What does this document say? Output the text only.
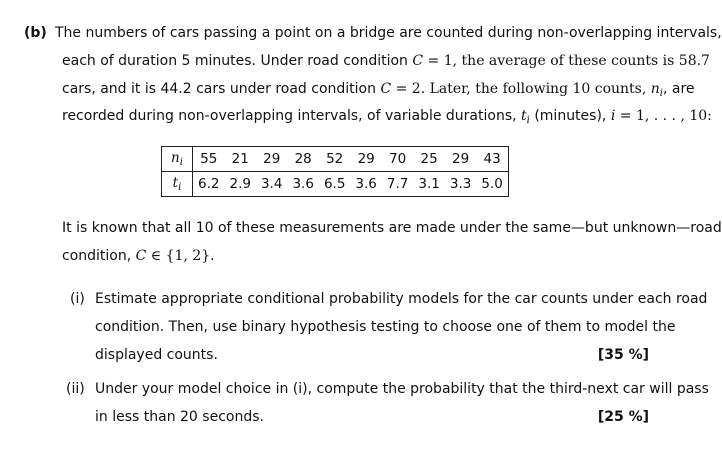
(b) The numbers of cars passing a point on a bridge are counted during non-overlapping intervals,
each of duration 5 minutes. Under road condition C = 1, the average of these counts is 58.7
cars, and it is 44.2 cars under road condition C = 2. Later, the following 10 counts, $n_i$, are
recorded during non-overlapping intervals, of variable durations, $t_i$ (minutes), i = 1, . . . , 10:
$n_i$	55	21	29	28	52	29	70	25	29	43
$t_i$	6.2	2.9	3.4	3.6	6.5	3.6	7.7	3.1	3.3	5.0
It is known that all 10 of these measurements are made under the same—but unknown—road
condition, C ∈ {1, 2}.
(i) Estimate appropriate conditional probability models for the car counts under each road
condition. Then, use binary hypothesis testing to choose one of them to model the
displayed counts.	[35 %]
(ii) Under your model choice in (i), compute the probability that the third-next car will pass
in less than 20 seconds.	[25 %]
